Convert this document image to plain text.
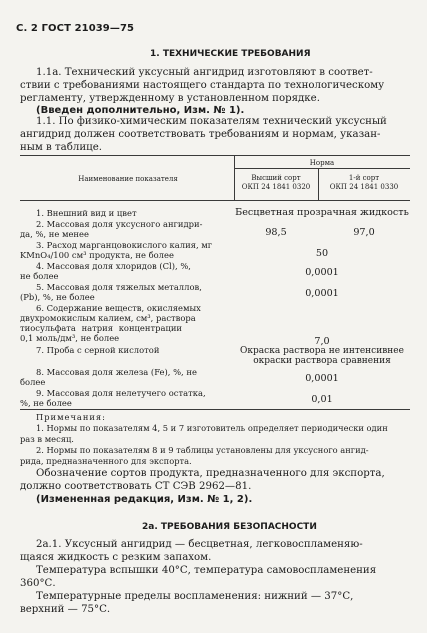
С. 2 ГОСТ 21039—75
1. ТЕХНИЧЕСКИЕ ТРЕБОВАНИЯ
1.1а. Технический уксусный ангидрид изготовляют в соответ-
ствии с требованиями настоящего стандарта по технологическому
регламенту, утвержденному в установленном порядке.
(Введен дополнительно, Изм. № 1).
1.1. По физико-химическим показателям технический уксусный
ангидрид должен соответствовать требованиям и нормам, указан-
ным в таблице.
Наименование показателя
Норма
Высший сорт
ОКП 24 1841 0320
1-й сорт
ОКП 24 1841 0330
1. Внешний вид и цвет	Бесцветная прозрачная жидкость
2. Массовая доля уксусного ангидри-
да, %, не менее	98,5	97,0
3. Расход марганцовокислого калия, мг
KMnO₄/100 см³ продукта, не более	50
4. Массовая доля хлоридов (Cl), %,
не более	0,0001
5. Массовая доля тяжелых металлов,
(Pb), %, не более	0,0001
6. Содержание веществ, окисляемых
двухромокислым калием, см³, раствора
тиосульфата натрия концентрации
0,1 моль/дм³, не более	7,0
7. Проба с серной кислотой	Окраска раствора не интенсивнее
окраски раствора сравнения
8. Массовая доля железа (Fe), %, не
более	0,0001
9. Массовая доля нелетучего остатка,
%, не более	0,01
Примечания:
1. Нормы по показателям 4, 5 и 7 изготовитель определяет периодически один
раз в месяц.
2. Нормы по показателям 8 и 9 таблицы установлены для уксусного ангид-
рида, предназначенного для экспорта.
Обозначение сортов продукта, предназначенного для экспорта,
должно соответствовать СТ СЭВ 2962—81.
(Измененная редакция, Изм. № 1, 2).
2а. ТРЕБОВАНИЯ БЕЗОПАСНОСТИ
2а.1. Уксусный ангидрид — бесцветная, легковоспламеняю-
щаяся жидкость с резким запахом.
Температура вспышки 40°С, температура самовоспламенения
360°С.
Температурные пределы воспламенения: нижний — 37°С,
верхний — 75°С.
